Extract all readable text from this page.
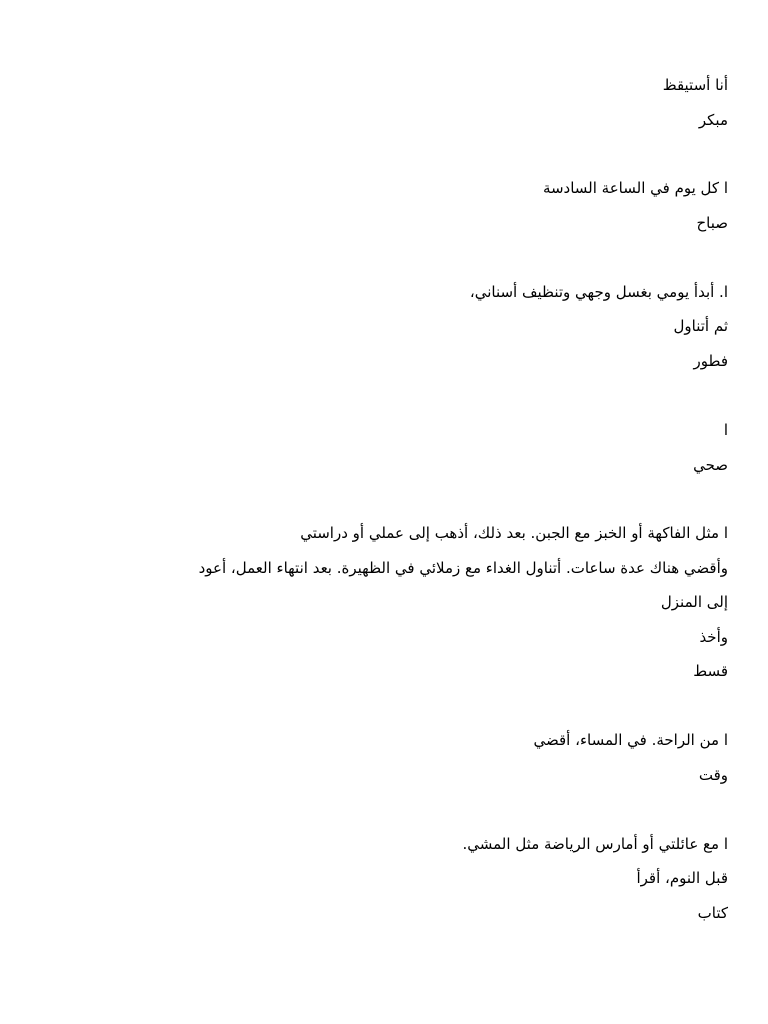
أنا أستيقظ
مبكر
ا كل يوم في الساعة السادسة
صباح
ا. أبدأ يومي بغسل وجهي وتنظيف أسناني،
ثم أتناول
فطور
ا
صحي
ا مثل الفاكهة أو الخبز مع الجبن. بعد ذلك، أذهب إلى عملي أو دراستي
وأقضي هناك عدة ساعات. أتناول الغداء مع زملائي في الظهيرة. بعد انتهاء العمل، أعود
إلى المنزل
وأخذ
قسط
ا من الراحة. في المساء، أقضي
وقت
ا مع عائلتي أو أمارس الرياضة مثل المشي.
قبل النوم، أقرأ
كتاب
